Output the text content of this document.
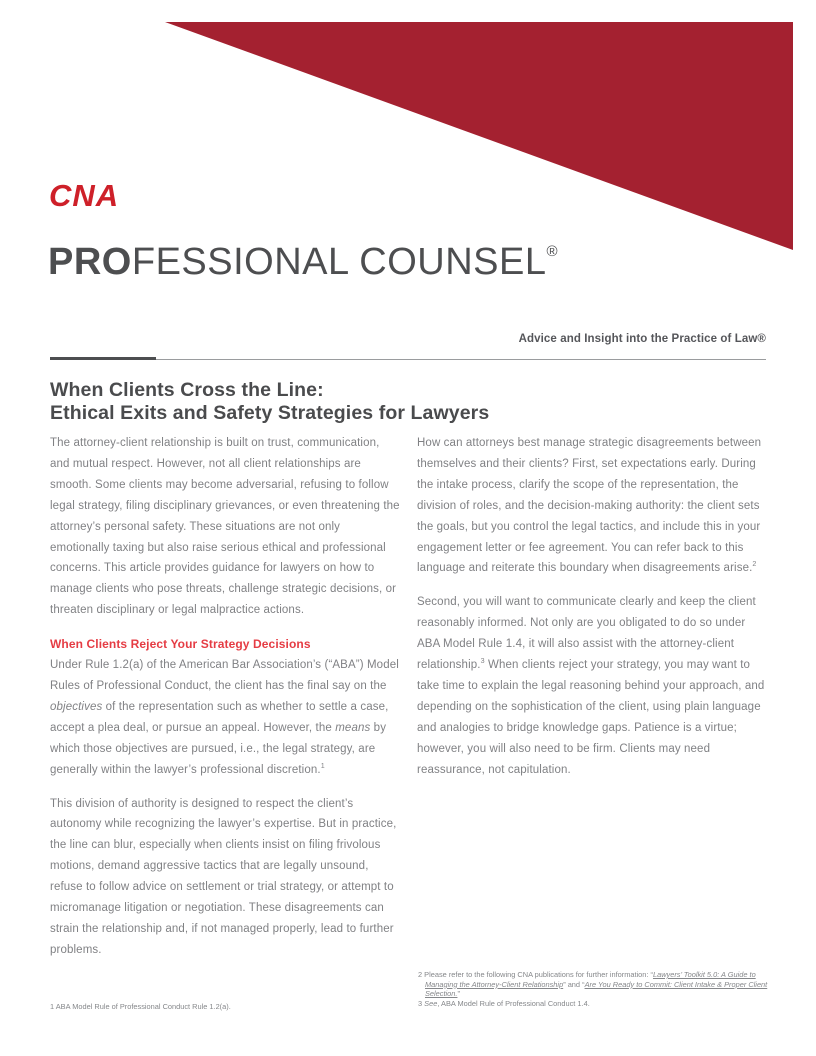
CNA
PROFESSIONAL COUNSEL®
Advice and Insight into the Practice of Law®
When Clients Cross the Line:
Ethical Exits and Safety Strategies for Lawyers

The attorney-client relationship is built on trust, communication, and mutual respect. However, not all client relationships are smooth. Some clients may become adversarial, refusing to follow legal strategy, filing disciplinary grievances, or even threatening the attorney’s personal safety. These situations are not only emotionally taxing but also raise serious ethical and professional concerns. This article provides guidance for lawyers on how to manage clients who pose threats, challenge strategic decisions, or threaten disciplinary or legal malpractice actions.

When Clients Reject Your Strategy Decisions

Under Rule 1.2(a) of the American Bar Association’s (“ABA”) Model Rules of Professional Conduct, the client has the final say on the objectives of the representation such as whether to settle a case, accept a plea deal, or pursue an appeal. However, the means by which those objectives are pursued, i.e., the legal strategy, are generally within the lawyer’s professional discretion.$^1$

This division of authority is designed to respect the client’s autonomy while recognizing the lawyer’s expertise. But in practice, the line can blur, especially when clients insist on filing frivolous motions, demand aggressive tactics that are legally unsound, refuse to follow advice on settlement or trial strategy, or attempt to micromanage litigation or negotiation. These disagreements can strain the relationship and, if not managed properly, lead to further problems.

How can attorneys best manage strategic disagreements between themselves and their clients? First, set expectations early. During the intake process, clarify the scope of the representation, the division of roles, and the decision-making authority: the client sets the goals, but you control the legal tactics, and include this in your engagement letter or fee agreement. You can refer back to this language and reiterate this boundary when disagreements arise.$^2$

Second, you will want to communicate clearly and keep the client reasonably informed. Not only are you obligated to do so under ABA Model Rule 1.4, it will also assist with the attorney-client relationship.$^3$ When clients reject your strategy, you may want to take time to explain the legal reasoning behind your approach, and depending on the sophistication of the client, using plain language and analogies to bridge knowledge gaps. Patience is a virtue; however, you will also need to be firm. Clients may need reassurance, not capitulation.

1 ABA Model Rule of Professional Conduct Rule 1.2(a).

2 Please refer to the following CNA publications for further information: “Lawyers’ Toolkit 5.0: A Guide to Managing the Attorney-Client Relationship” and “Are You Ready to Commit: Client Intake & Proper Client Selection.”

3 See, ABA Model Rule of Professional Conduct 1.4.
